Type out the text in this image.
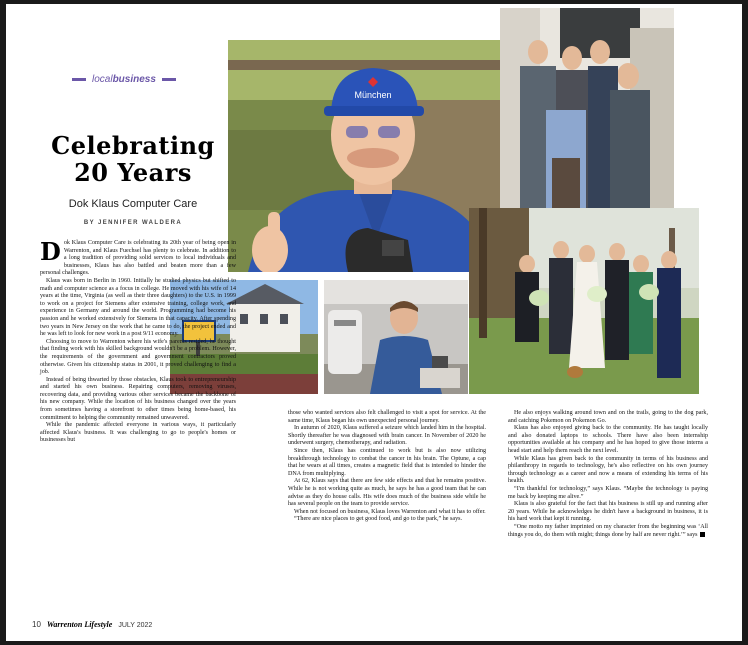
localbusiness
Celebrating
20 Years
Dok Klaus Computer Care
BY JENNIFER WALDERA
München

Dok Klaus Computer Care is celebrating its 20th year of being open in Warrenton, and Klaus Fuechsel has plenty to celebrate. In addition to a long tradition of providing solid services to local individuals and businesses, Klaus has also battled and beaten more than a few personal challenges.

Klaus was born in Berlin in 1960. Initially he studied physics but shifted to math and computer science as a focus in college. He moved with his wife of 14 years at the time, Virginia (as well as their three daughters) to the U.S. in 1999 to work on a project for Siemens after extensive training, college work, and experience in Germany and around the world. Programming had become his passion and he worked extensively for Siemens in that capacity. After spending two years in New Jersey on the work that he came to do, the project ended and he was left to look for new work in a post 9/11 economy.

Choosing to move to Warrenton where his wife's parents resided, he thought that finding work with his skilled background wouldn't be a problem. However, the requirements of the government and government contractors proved otherwise. Given his citizenship status in 2001, it proved challenging to find a job.

Instead of being thwarted by those obstacles, Klaus took to entrepreneurship and started his own business. Repairing computers, removing viruses, recovering data, and providing various other services became the backbone of his new company. While the location of his business changed over the years from sometimes having a storefront to other times being home-based, his commitment to helping the community remained unwavered.

While the pandemic affected everyone in various ways, it particularly affected Klaus's business. It was challenging to go to people's homes or businesses but

those who wanted services also felt challenged to visit a spot for service. At the same time, Klaus began his own unexpected personal journey.

In autumn of 2020, Klaus suffered a seizure which landed him in the hospital. Shortly thereafter he was diagnosed with brain cancer. In November of 2020 he underwent surgery, chemotherapy, and radiation.

Since then, Klaus has continued to work but is also now utilizing breakthrough technology to combat the cancer in his brain. The Optune, a cap that he wears at all times, creates a magnetic field that is intended to hinder the DNA from multiplying.

At 62, Klaus says that there are few side effects and that he remains positive. While he is not working quite as much, he says he has a good team that he can advise as they do house calls. His wife does much of the business side while he has several people on the team to provide service.

When not focused on business, Klaus loves Warrenton and what it has to offer.

“There are nice places to get good food, and go to the park,” he says.

He also enjoys walking around town and on the trails, going to the dog park, and catching Pokemon on Pokemon Go.

Klaus has also enjoyed giving back to the community. He has taught locally and also donated laptops to schools. There have also been internship opportunities available at his company and he has hoped to give those interns a head start and help them reach the next level.

While Klaus has given back to the community in terms of his business and philanthropy in regards to technology, he's also reflective on his own journey through technology as a career and now a means of extending his terms of his health.

“I'm thankful for technology,” says Klaus. “Maybe the technology is paying me back by keeping me alive.”

Klaus is also grateful for the fact that his business is still up and running after 20 years. While he acknowledges he didn't have a background in business, it is his hard work that kept it running.

“One motto my father imprinted on my character from the beginning was ‘All things you do, do them with might; things done by half are never right.’” says

10 Warrenton Lifestyle JULY 2022
